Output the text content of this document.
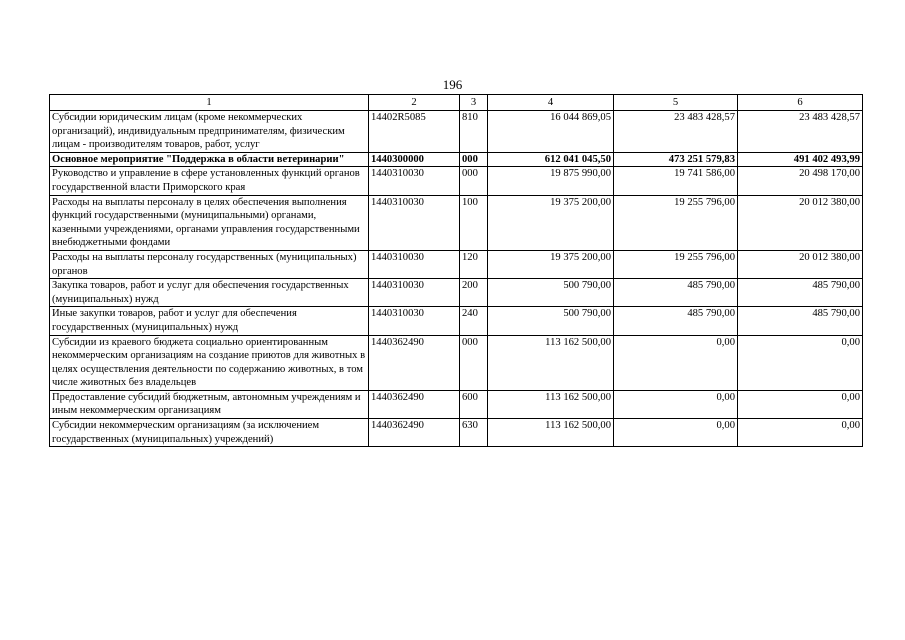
196
1	2	3	4	5	6
Субсидии юридическим лицам (кроме некоммерческих организаций), индивидуальным предпринимателям, физическим лицам - производителям товаров, работ, услуг	14402R5085	810	16 044 869,05	23 483 428,57	23 483 428,57
Основное мероприятие "Поддержка в области ветеринарии"	1440300000	000	612 041 045,50	473 251 579,83	491 402 493,99
Руководство и управление в сфере установленных функций органов государственной власти Приморского края	1440310030	000	19 875 990,00	19 741 586,00	20 498 170,00
Расходы на выплаты персоналу в целях обеспечения выполнения функций государственными (муниципальными) органами, казенными учреждениями, органами управления государственными внебюджетными фондами	1440310030	100	19 375 200,00	19 255 796,00	20 012 380,00
Расходы на выплаты персоналу государственных (муниципальных) органов	1440310030	120	19 375 200,00	19 255 796,00	20 012 380,00
Закупка товаров, работ и услуг для обеспечения государственных (муниципальных) нужд	1440310030	200	500 790,00	485 790,00	485 790,00
Иные закупки товаров, работ и услуг для обеспечения государственных (муниципальных) нужд	1440310030	240	500 790,00	485 790,00	485 790,00
Субсидии из краевого бюджета социально ориентированным некоммерческим организациям на создание приютов для животных в целях осуществления деятельности по содержанию животных, в том числе животных без владельцев	1440362490	000	113 162 500,00	0,00	0,00
Предоставление субсидий бюджетным, автономным учреждениям и иным некоммерческим организациям	1440362490	600	113 162 500,00	0,00	0,00
Субсидии некоммерческим организациям (за исключением государственных (муниципальных) учреждений)	1440362490	630	113 162 500,00	0,00	0,00
